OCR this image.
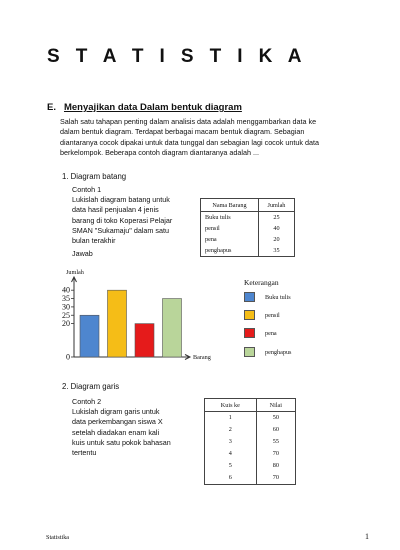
S T A T I S T I K A
E. Menyajikan data Dalam bentuk diagram
Salah satu tahapan penting dalam analisis data adalah menggambarkan data ke
dalam bentuk diagram. Terdapat berbagai macam bentuk diagram. Sebagian
diantaranya cocok dipakai untuk data tunggal dan sebagian lagi cocok untuk data
berkelompok. Beberapa contoh diagram diantaranya adalah ...
1. Diagram batang
Contoh 1
Lukislah diagram batang untuk
data hasil penjualan 4 jenis
barang di toko Koperasi Pelajar
SMAN "Sukamaju" dalam satu
bulan terakhir
Jawab
Nama Barang	Jumlah
Buku tulis	25
pensil	40
pena	20
penghapus	35
Jumlah
Barang
0
20
25
30
35
40
Keterangan
Buku tulis
pensil
pena
penghapus
2. Diagram garis
Contoh 2
Lukislah digram garis untuk
data perkembangan siswa X
setelah diadakan enam kali
kuis untuk satu pokok bahasan
tertentu
Kuis ke	Nilai
1	50
2	60
3	55
4	70
5	80
6	70
Statistika	1
